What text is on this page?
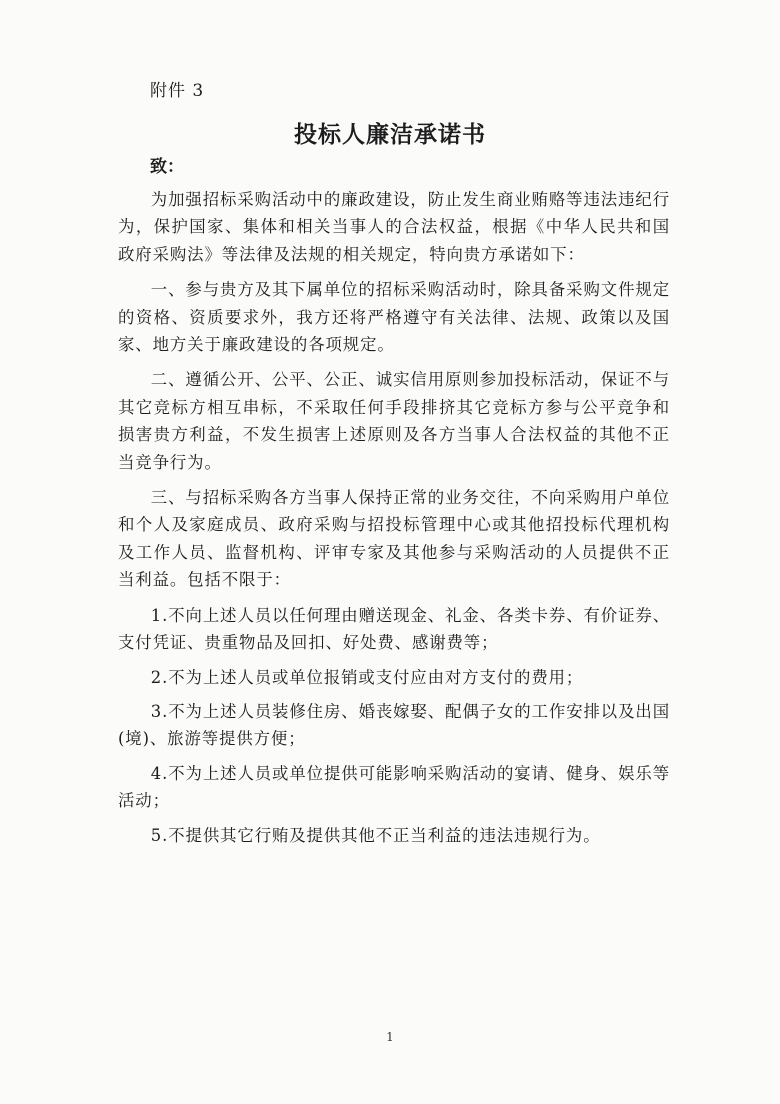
附件 3
投标人廉洁承诺书
致：

为加强招标采购活动中的廉政建设，防止发生商业贿赂等违法违纪行为，保护国家、集体和相关当事人的合法权益，根据《中华人民共和国政府采购法》等法律及法规的相关规定，特向贵方承诺如下：

一、参与贵方及其下属单位的招标采购活动时，除具备采购文件规定的资格、资质要求外，我方还将严格遵守有关法律、法规、政策以及国家、地方关于廉政建设的各项规定。

二、遵循公开、公平、公正、诚实信用原则参加投标活动，保证不与其它竞标方相互串标，不采取任何手段排挤其它竞标方参与公平竞争和损害贵方利益，不发生损害上述原则及各方当事人合法权益的其他不正当竞争行为。

三、与招标采购各方当事人保持正常的业务交往，不向采购用户单位和个人及家庭成员、政府采购与招投标管理中心或其他招投标代理机构及工作人员、监督机构、评审专家及其他参与采购活动的人员提供不正当利益。包括不限于：

1.不向上述人员以任何理由赠送现金、礼金、各类卡券、有价证券、支付凭证、贵重物品及回扣、好处费、感谢费等；

2.不为上述人员或单位报销或支付应由对方支付的费用；

3.不为上述人员装修住房、婚丧嫁娶、配偶子女的工作安排以及出国(境)、旅游等提供方便；

4.不为上述人员或单位提供可能影响采购活动的宴请、健身、娱乐等活动；

5.不提供其它行贿及提供其他不正当利益的违法违规行为。

1
